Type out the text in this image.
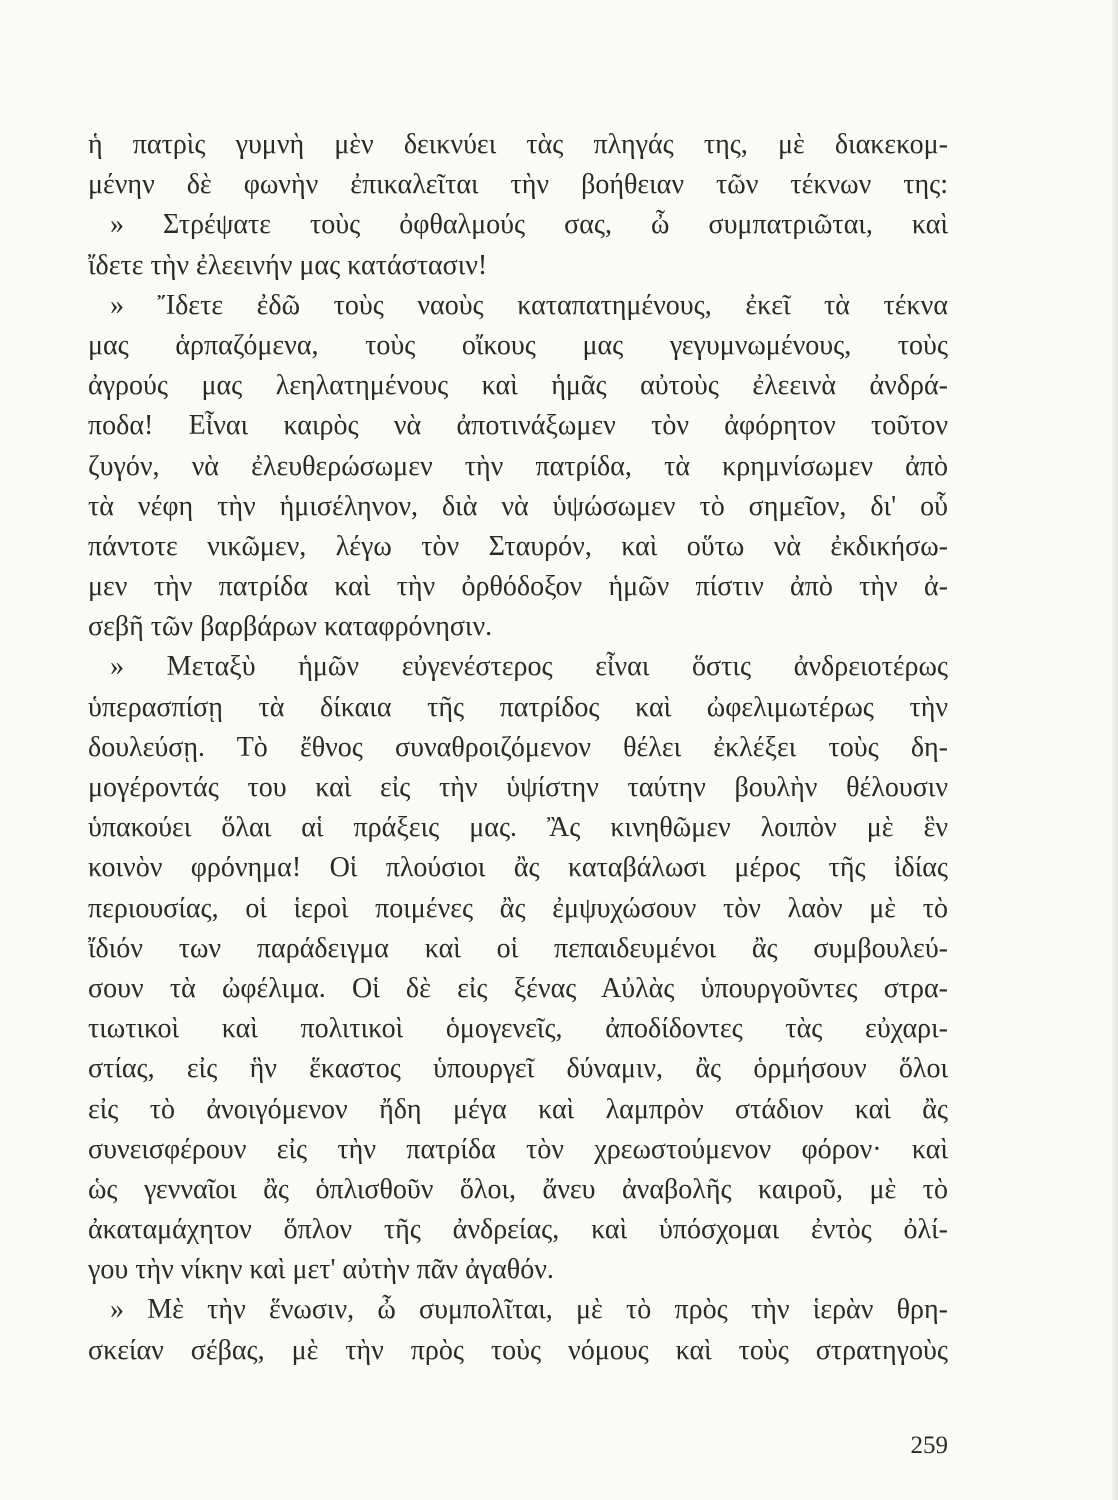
ἡ πατρὶς γυμνὴ μὲν δεικνύει τὰς πληγάς της, μὲ διακεκομ-
μένην δὲ φωνὴν ἐπικαλεῖται τὴν βοήθειαν τῶν τέκνων της:
» Στρέψατε τοὺς ὀφθαλμούς σας, ὦ συμπατριῶται, καὶ
ἴδετε τὴν ἐλεεινήν μας κατάστασιν!
» Ἴδετε ἐδῶ τοὺς ναοὺς καταπατημένους, ἐκεῖ τὰ τέκνα
μας ἁρπαζόμενα, τοὺς οἴκους μας γεγυμνωμένους, τοὺς
ἀγρούς μας λεηλατημένους καὶ ἡμᾶς αὐτοὺς ἐλεεινὰ ἀνδρά-
ποδα! Εἶναι καιρὸς νὰ ἀποτινάξωμεν τὸν ἀφόρητον τοῦτον
ζυγόν, νὰ ἐλευθερώσωμεν τὴν πατρίδα, τὰ κρημνίσωμεν ἀπὸ
τὰ νέφη τὴν ἡμισέληνον, διὰ νὰ ὑψώσωμεν τὸ σημεῖον, δι' οὗ
πάντοτε νικῶμεν, λέγω τὸν Σταυρόν, καὶ οὕτω νὰ ἐκδικήσω-
μεν τὴν πατρίδα καὶ τὴν ὀρθόδοξον ἡμῶν πίστιν ἀπὸ τὴν ἀ-
σεβῆ τῶν βαρβάρων καταφρόνησιν.
» Μεταξὺ ἡμῶν εὐγενέστερος εἶναι ὅστις ἀνδρειοτέρως
ὑπερασπίσῃ τὰ δίκαια τῆς πατρίδος καὶ ὠφελιμωτέρως τὴν
δουλεύσῃ. Τὸ ἔθνος συναθροιζόμενον θέλει ἐκλέξει τοὺς δη-
μογέροντάς του καὶ εἰς τὴν ὑψίστην ταύτην βουλὴν θέλουσιν
ὑπακούει ὅλαι αἱ πράξεις μας. Ἂς κινηθῶμεν λοιπὸν μὲ ἓν
κοινὸν φρόνημα! Οἱ πλούσιοι ἂς καταβάλωσι μέρος τῆς ἰδίας
περιουσίας, οἱ ἱεροὶ ποιμένες ἂς ἐμψυχώσουν τὸν λαὸν μὲ τὸ
ἴδιόν των παράδειγμα καὶ οἱ πεπαιδευμένοι ἂς συμβουλεύ-
σουν τὰ ὠφέλιμα. Οἱ δὲ εἰς ξένας Αὐλὰς ὑπουργοῦντες στρα-
τιωτικοὶ καὶ πολιτικοὶ ὁμογενεῖς, ἀποδίδοντες τὰς εὐχαρι-
στίας, εἰς ἣν ἕκαστος ὑπουργεῖ δύναμιν, ἂς ὁρμήσουν ὅλοι
εἰς τὸ ἀνοιγόμενον ἤδη μέγα καὶ λαμπρὸν στάδιον καὶ ἂς
συνεισφέρουν εἰς τὴν πατρίδα τὸν χρεωστούμενον φόρον· καὶ
ὡς γενναῖοι ἂς ὁπλισθοῦν ὅλοι, ἄνευ ἀναβολῆς καιροῦ, μὲ τὸ
ἀκαταμάχητον ὅπλον τῆς ἀνδρείας, καὶ ὑπόσχομαι ἐντὸς ὀλί-
γου τὴν νίκην καὶ μετ' αὐτὴν πᾶν ἀγαθόν.
» Μὲ τὴν ἕνωσιν, ὦ συμπολῖται, μὲ τὸ πρὸς τὴν ἱερὰν θρη-
σκείαν σέβας, μὲ τὴν πρὸς τοὺς νόμους καὶ τοὺς στρατηγοὺς
259
